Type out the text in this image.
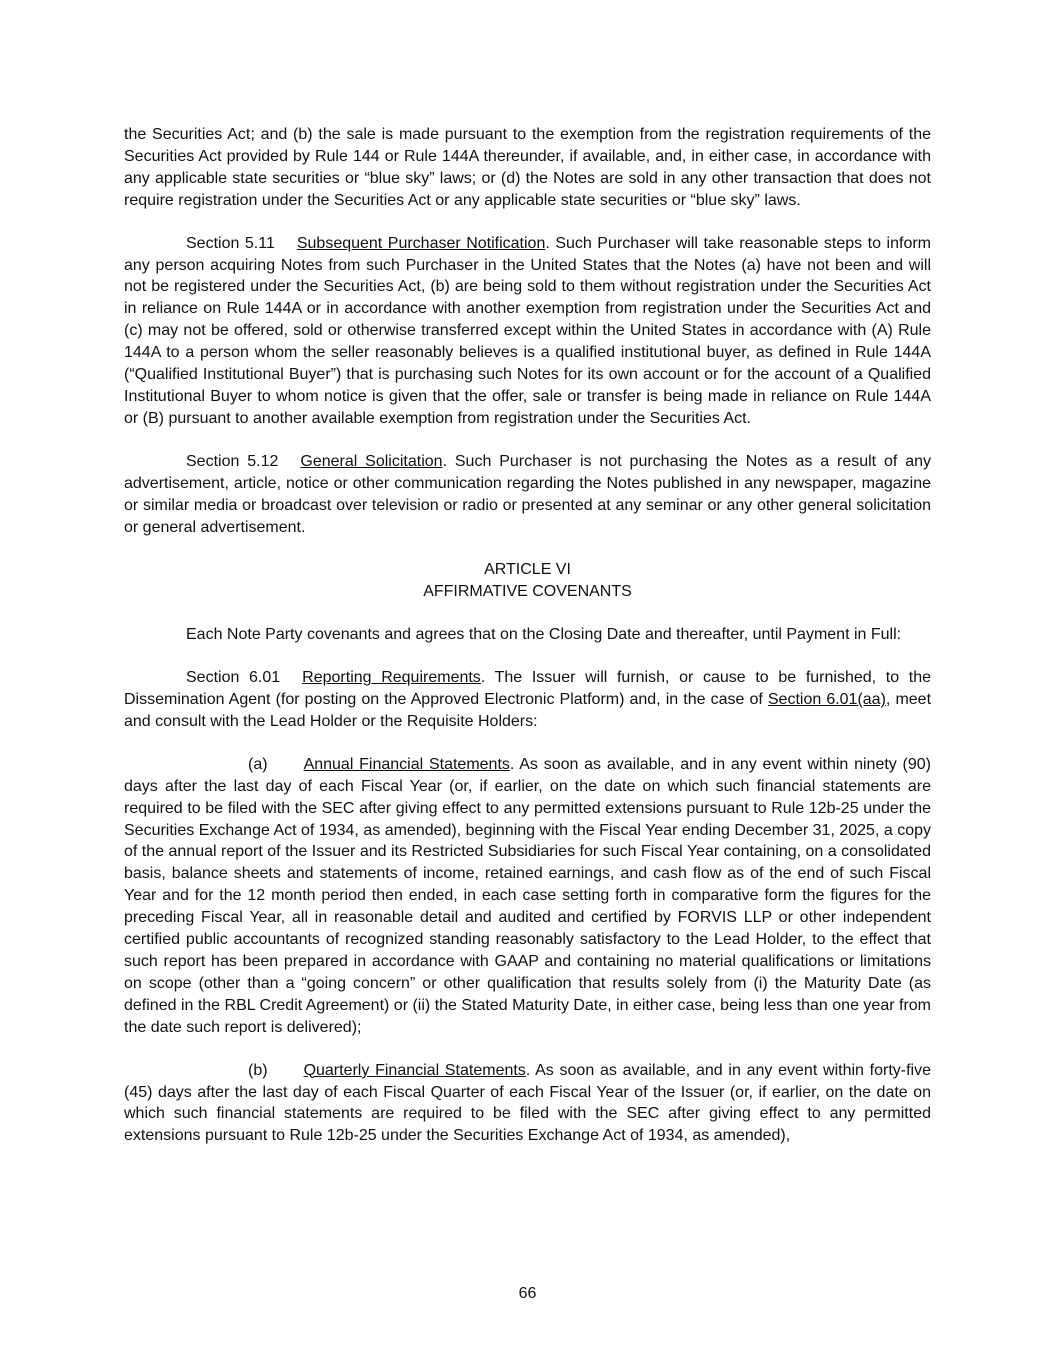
the Securities Act; and (b) the sale is made pursuant to the exemption from the registration requirements of the Securities Act provided by Rule 144 or Rule 144A thereunder, if available, and, in either case, in accordance with any applicable state securities or “blue sky” laws; or (d) the Notes are sold in any other transaction that does not require registration under the Securities Act or any applicable state securities or “blue sky” laws.

Section 5.11 Subsequent Purchaser Notification. Such Purchaser will take reasonable steps to inform any person acquiring Notes from such Purchaser in the United States that the Notes (a) have not been and will not be registered under the Securities Act, (b) are being sold to them without registration under the Securities Act in reliance on Rule 144A or in accordance with another exemption from registration under the Securities Act and (c) may not be offered, sold or otherwise transferred except within the United States in accordance with (A) Rule 144A to a person whom the seller reasonably believes is a qualified institutional buyer, as defined in Rule 144A (“Qualified Institutional Buyer”) that is purchasing such Notes for its own account or for the account of a Qualified Institutional Buyer to whom notice is given that the offer, sale or transfer is being made in reliance on Rule 144A or (B) pursuant to another available exemption from registration under the Securities Act.

Section 5.12 General Solicitation. Such Purchaser is not purchasing the Notes as a result of any advertisement, article, notice or other communication regarding the Notes published in any newspaper, magazine or similar media or broadcast over television or radio or presented at any seminar or any other general solicitation or general advertisement.

ARTICLE VI

AFFIRMATIVE COVENANTS

Each Note Party covenants and agrees that on the Closing Date and thereafter, until Payment in Full:

Section 6.01 Reporting Requirements. The Issuer will furnish, or cause to be furnished, to the Dissemination Agent (for posting on the Approved Electronic Platform) and, in the case of Section 6.01(aa), meet and consult with the Lead Holder or the Requisite Holders:

(a) Annual Financial Statements. As soon as available, and in any event within ninety (90) days after the last day of each Fiscal Year (or, if earlier, on the date on which such financial statements are required to be filed with the SEC after giving effect to any permitted extensions pursuant to Rule 12b-25 under the Securities Exchange Act of 1934, as amended), beginning with the Fiscal Year ending December 31, 2025, a copy of the annual report of the Issuer and its Restricted Subsidiaries for such Fiscal Year containing, on a consolidated basis, balance sheets and statements of income, retained earnings, and cash flow as of the end of such Fiscal Year and for the 12 month period then ended, in each case setting forth in comparative form the figures for the preceding Fiscal Year, all in reasonable detail and audited and certified by FORVIS LLP or other independent certified public accountants of recognized standing reasonably satisfactory to the Lead Holder, to the effect that such report has been prepared in accordance with GAAP and containing no material qualifications or limitations on scope (other than a “going concern” or other qualification that results solely from (i) the Maturity Date (as defined in the RBL Credit Agreement) or (ii) the Stated Maturity Date, in either case, being less than one year from the date such report is delivered);

(b) Quarterly Financial Statements. As soon as available, and in any event within forty-five (45) days after the last day of each Fiscal Quarter of each Fiscal Year of the Issuer (or, if earlier, on the date on which such financial statements are required to be filed with the SEC after giving effect to any permitted extensions pursuant to Rule 12b-25 under the Securities Exchange Act of 1934, as amended),

66
